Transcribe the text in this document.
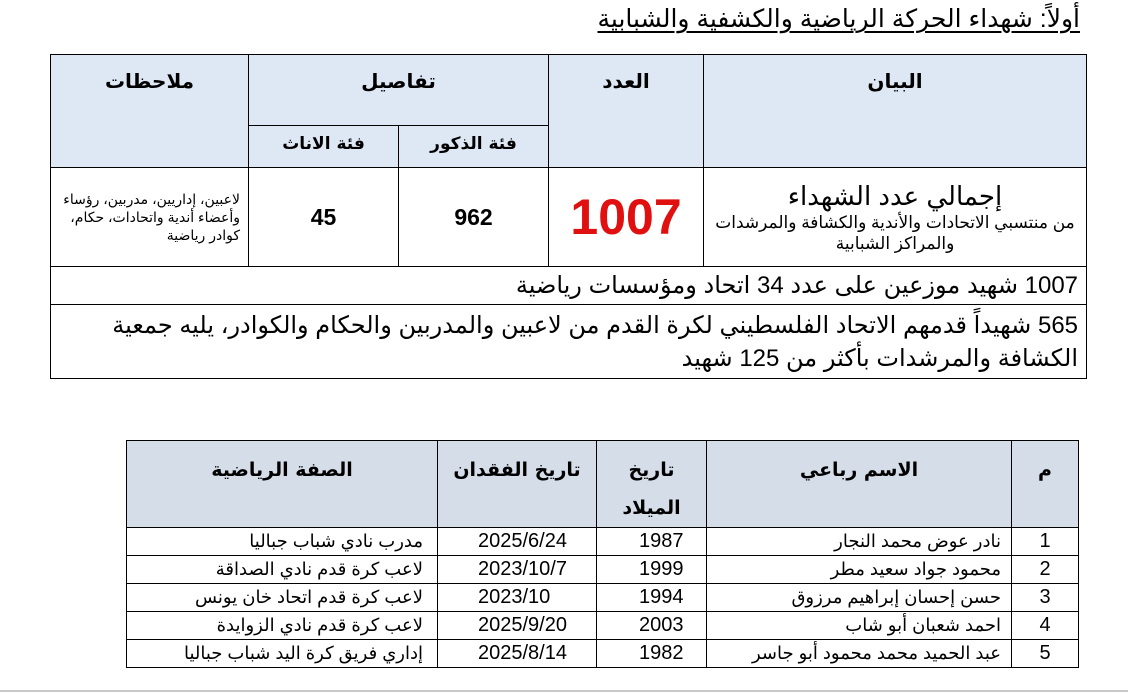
أولاً: شهداء الحركة الرياضية والكشفية والشبابية
البيان	العدد	تفاصيل		ملاحظات
		فئة الذكور	فئة الاناث	

إجمالي عدد الشهداء
من منتسبي الاتحادات والأندية والكشافة والمرشدات والمراكز الشبابية	1007	962	45	لاعبين، إداريين، مدربين، رؤساء وأعضاء أندية واتحادات، حكام، كوادر رياضية
1007 شهيد موزعين على عدد 34 اتحاد ومؤسسات رياضية				
565 شهيداً قدمهم الاتحاد الفلسطيني لكرة القدم من لاعبين والمدربين والحكام والكوادر، يليه جمعية الكشافة والمرشدات بأكثر من 125 شهيد				
م	الاسم رباعي	تاريخ الميلاد	تاريخ الفقدان	الصفة الرياضية
1	نادر عوض محمد النجار	1987	2025/6/24	مدرب نادي شباب جباليا
2	محمود جواد سعيد مطر	1999	2023/10/7	لاعب كرة قدم نادي الصداقة
3	حسن إحسان إبراهيم مرزوق	1994	2023/10	لاعب كرة قدم اتحاد خان يونس
4	احمد شعبان أبو شاب	2003	2025/9/20	لاعب كرة قدم نادي الزوايدة
5	عبد الحميد محمد محمود أبو جاسر	1982	2025/8/14	إداري فريق كرة اليد شباب جباليا
